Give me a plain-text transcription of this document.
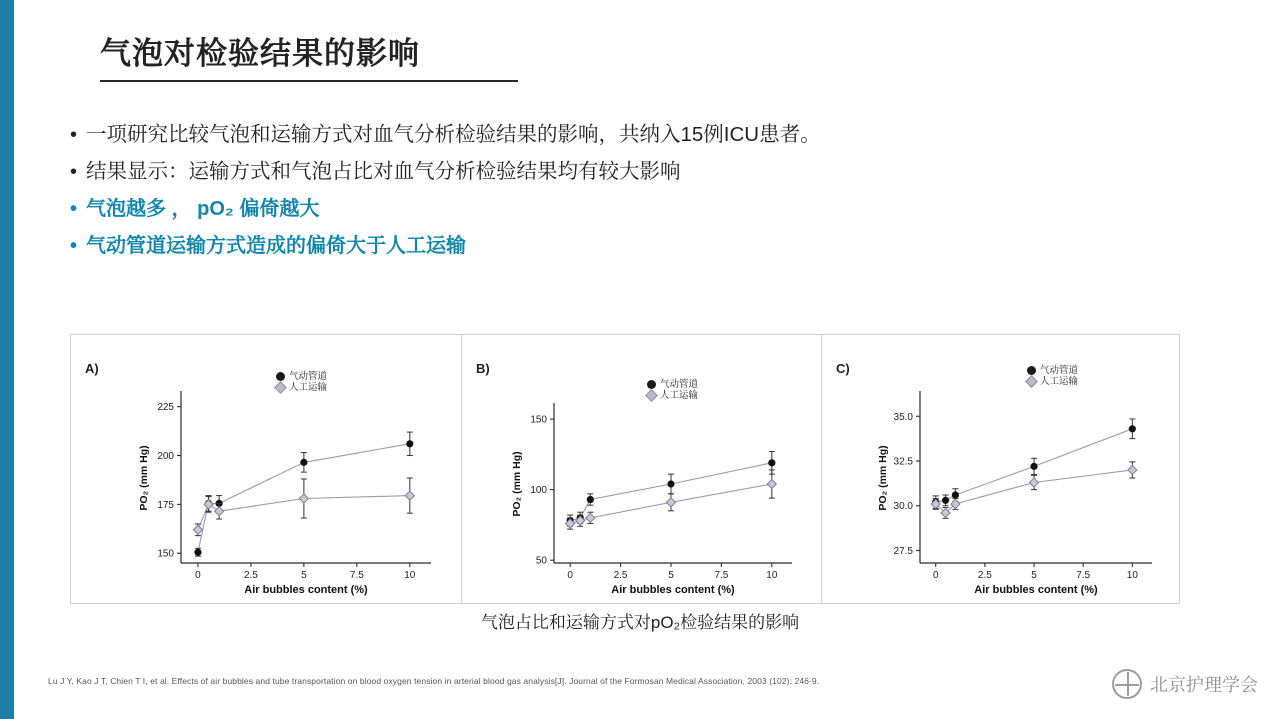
气泡对检验结果的影响
• 一项研究比较气泡和运输方式对血气分析检验结果的影响，共纳入15例ICU患者。
• 结果显示：运输方式和气泡占比对血气分析检验结果均有较大影响
• 气泡越多 ， pO₂ 偏倚越大
• 气动管道运输方式造成的偏倚大于人工运输
A)
气动管道
人工运输
150
175
200
225
0	2.5	5	7.5	10
Air bubbles content (%)
PO₂ (mm Hg)
B)
气动管道
人工运输
50
100
150
0	2.5	5	7.5	10
Air bubbles content (%)
PO₂ (mm Hg)
C)	气动管道
人工运输
27.5
30.0
32.5
35.0
0	2.5	5	7.5	10
Air bubbles content (%)
PO₂ (mm Hg)
气泡占比和运输方式对pO₂检验结果的影响
Lu J Y, Kao J T, Chien T I, et al. Effects of air bubbles and tube transportation on blood oxygen tension in arterial blood gas analysis[J]. Journal of the Formosan Medical Association, 2003 (102): 246-9.	北京护理学会
